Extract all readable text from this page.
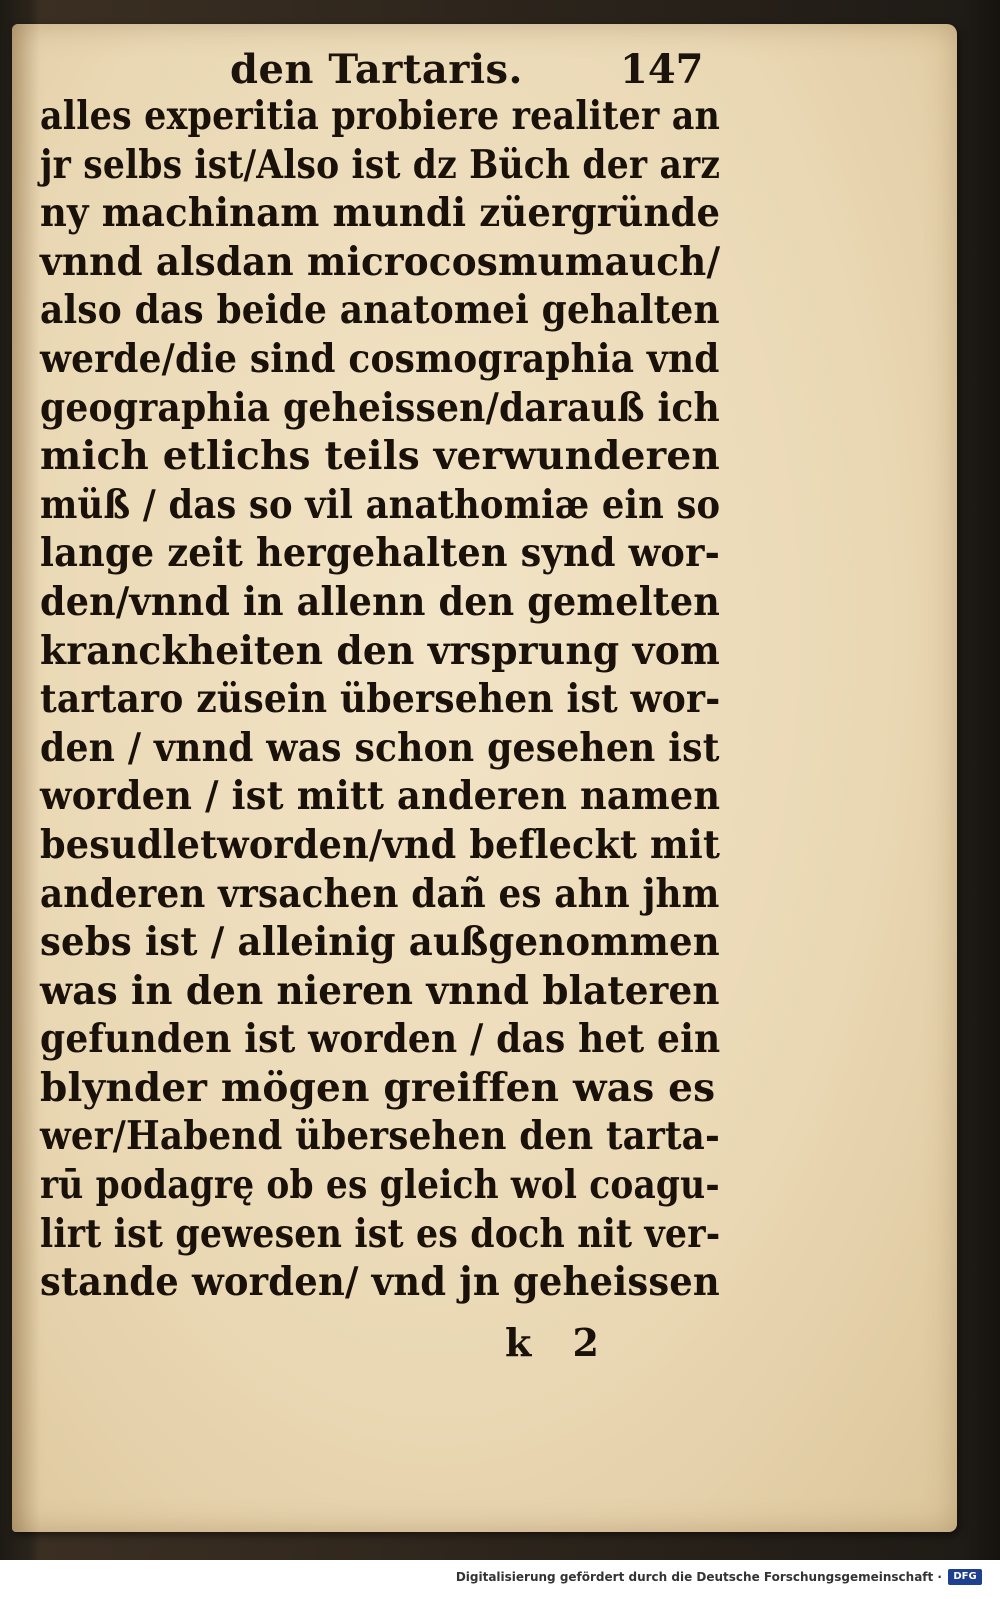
den Tartaris. 147
alles experitia probiere realiter an
jr selbs ist/Also ist dz Büch der arz
ny machinam mundi züergründe
vnnd alsdan microcosmumauch/
also das beide anatomei gehalten
werde/die sind cosmographia vnd
geographia geheissen/darauß ich
mich etlichs teils verwunderen
müß / das so vil anathomiæ ein so
lange zeit hergehalten synd wor-
den/vnnd in allenn den gemelten
kranckheiten den vrsprung vom
tartaro züsein übersehen ist wor-
den / vnnd was schon gesehen ist
worden / ist mitt anderen namen
besudletworden/vnd befleckt mit
anderen vrsachen dañ es ahn jhm
sebs ist / alleinig außgenommen
was in den nieren vnnd blateren
gefunden ist worden / das het ein
blynder mögen greiffen was es
wer/Habend übersehen den tarta-
rū podagrę ob es gleich wol coagu-
lirt ist gewesen ist es doch nit ver-
stande worden/ vnd jn geheissen
k 2
Digitalisierung gefördert durch die Deutsche Forschungsgemeinschaft ·	DFG
